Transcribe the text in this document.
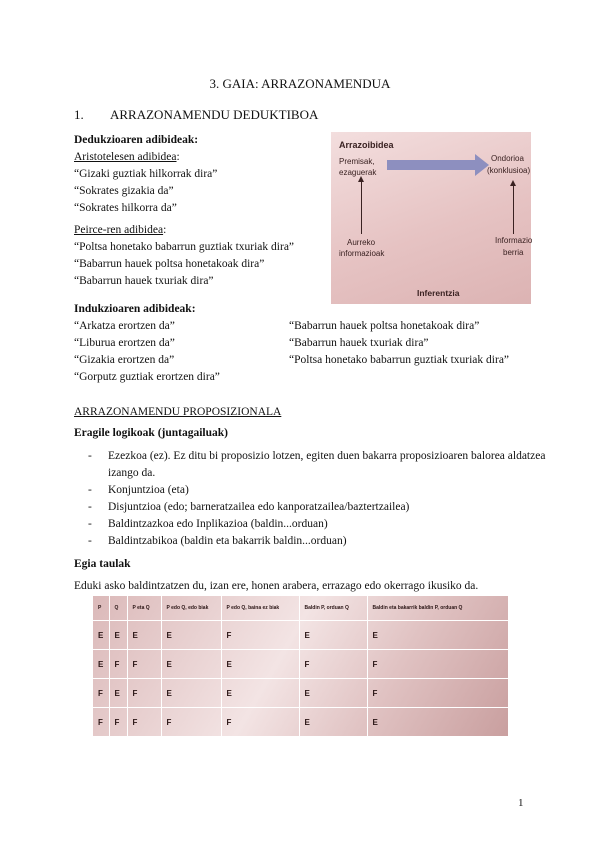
3. GAIA: ARRAZONAMENDUA
1. ARRAZONAMENDU DEDUKTIBOA
Dedukzioaren adibideak:
Aristotelesen adibidea:
“Gizaki guztiak hilkorrak dira”
“Sokrates gizakia da”
“Sokrates hilkorra da”
Peirce-ren adibidea:
“Poltsa honetako babarrun guztiak txuriak dira”
“Babarrun hauek poltsa honetakoak dira”
“Babarrun hauek txuriak dira”
Arrazoibidea
Premisak,
ezaguerak
Ondorioa
(konklusioa)
Aurreko
informazioak
Informazio
berria
Inferentzia
Indukzioaren adibideak:
“Arkatza erortzen da”
“Liburua erortzen da”
“Gizakia erortzen da”
“Gorputz guztiak erortzen dira”
“Babarrun hauek poltsa honetakoak dira”
“Babarrun hauek txuriak dira”
“Poltsa honetako babarrun guztiak txuriak dira”
ARRAZONAMENDU PROPOSIZIONALA
Eragile logikoak (juntagailuak)
- Ezezkoa (ez). Ez ditu bi proposizio lotzen, egiten duen bakarra proposizioaren balorea aldatzea izango da.
- Konjuntzioa (eta)
- Disjuntzioa (edo; barneratzailea edo kanporatzailea/baztertzailea)
- Baldintzazkoa edo Inplikazioa (baldin...orduan)
- Baldintzabikoa (baldin eta bakarrik baldin...orduan)
Egia taulak
Eduki asko baldintzatzen du, izan ere, honen arabera, errazago edo okerrago ikusiko da.
P	Q	P eta Q	P edo Q, edo biak	P edo Q, baina ez biak	Baldin P, orduan Q	Baldin eta bakarrik baldin P, orduan Q
E	E	E	E	F	E	E
E	F	F	E	E	F	F
F	E	F	E	E	E	F
F	F	F	F	F	E	E
1
